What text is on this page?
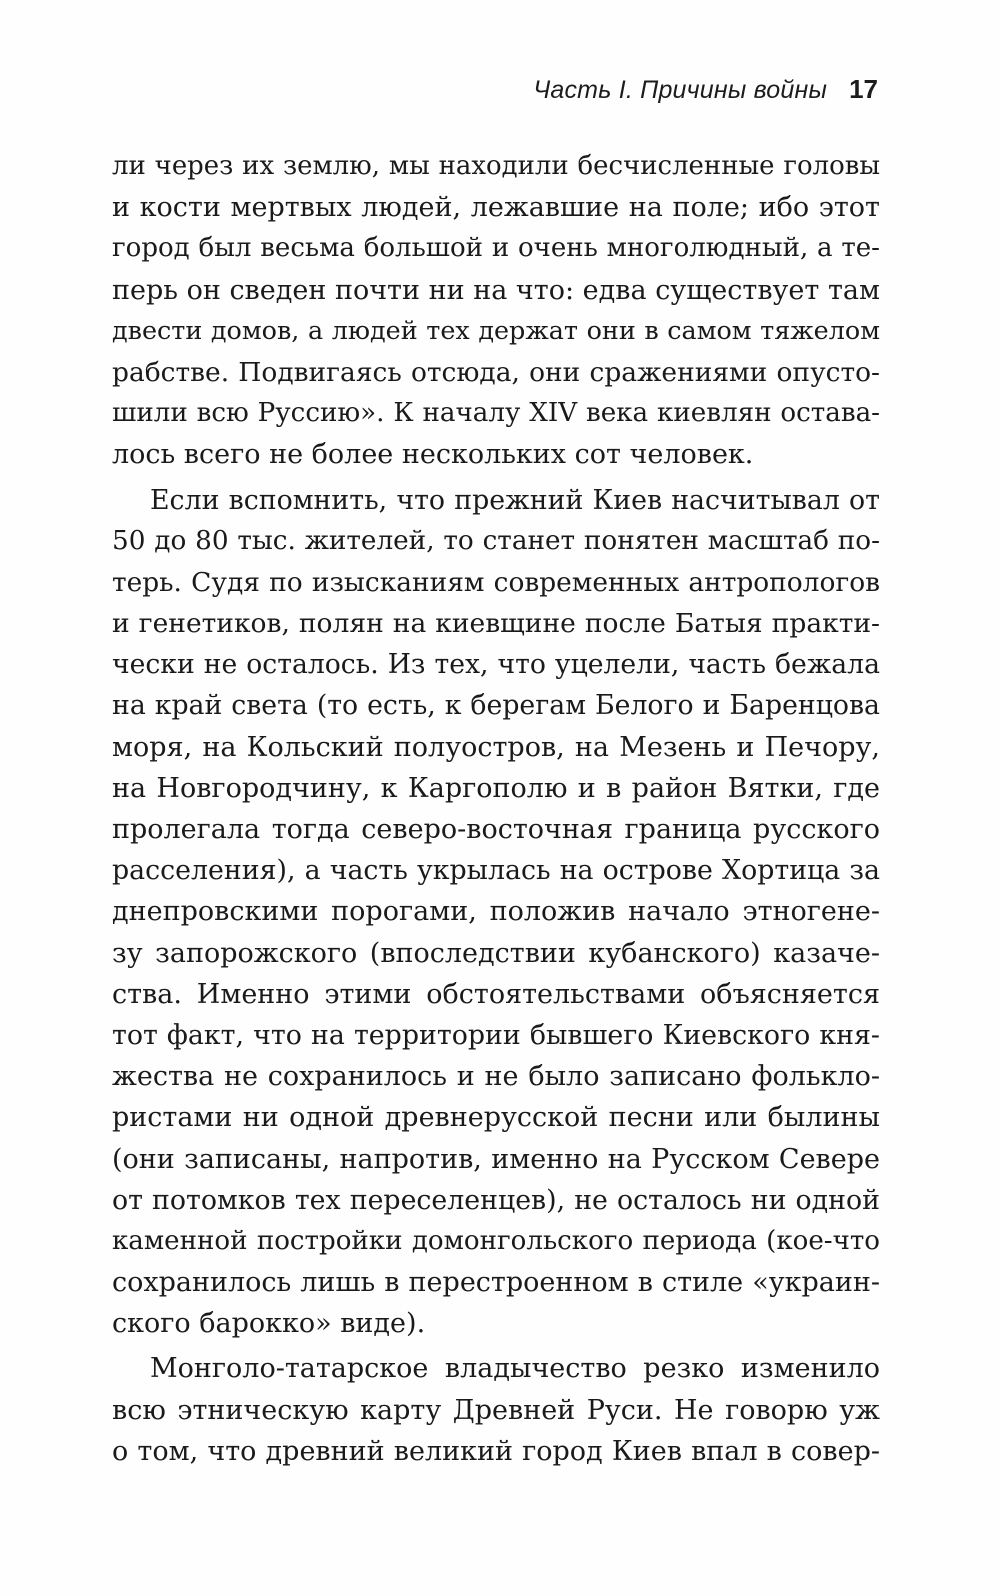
Часть I. Причины войны 17
ли через их землю, мы находили бесчисленные головы
и кости мертвых людей, лежавшие на поле; ибо этот
город был весьма большой и очень многолюдный, а те-
перь он сведен почти ни на что: едва существует там
двести домов, а людей тех держат они в самом тяжелом
рабстве. Подвигаясь отсюда, они сражениями опусто-
шили всю Руссию». К началу XIV века киевлян остава-
лось всего не более нескольких сот человек.
Если вспомнить, что прежний Киев насчитывал от
50 до 80 тыс. жителей, то станет понятен масштаб по-
терь. Судя по изысканиям современных антропологов
и генетиков, полян на киевщине после Батыя практи-
чески не осталось. Из тех, что уцелели, часть бежала
на край света (то есть, к берегам Белого и Баренцова
моря, на Кольский полуостров, на Мезень и Печору,
на Новгородчину, к Каргополю и в район Вятки, где
пролегала тогда северо-восточная граница русского
расселения), а часть укрылась на острове Хортица за
днепровскими порогами, положив начало этногене-
зу запорожского (впоследствии кубанского) казаче-
ства. Именно этими обстоятельствами объясняется
тот факт, что на территории бывшего Киевского кня-
жества не сохранилось и не было записано фолькло-
ристами ни одной древнерусской песни или былины
(они записаны, напротив, именно на Русском Севере
от потомков тех переселенцев), не осталось ни одной
каменной постройки домонгольского периода (кое-что
сохранилось лишь в перестроенном в стиле «украин-
ского барокко» виде).
Монголо-татарское владычество резко изменило
всю этническую карту Древней Руси. Не говорю уж
о том, что древний великий город Киев впал в совер-
